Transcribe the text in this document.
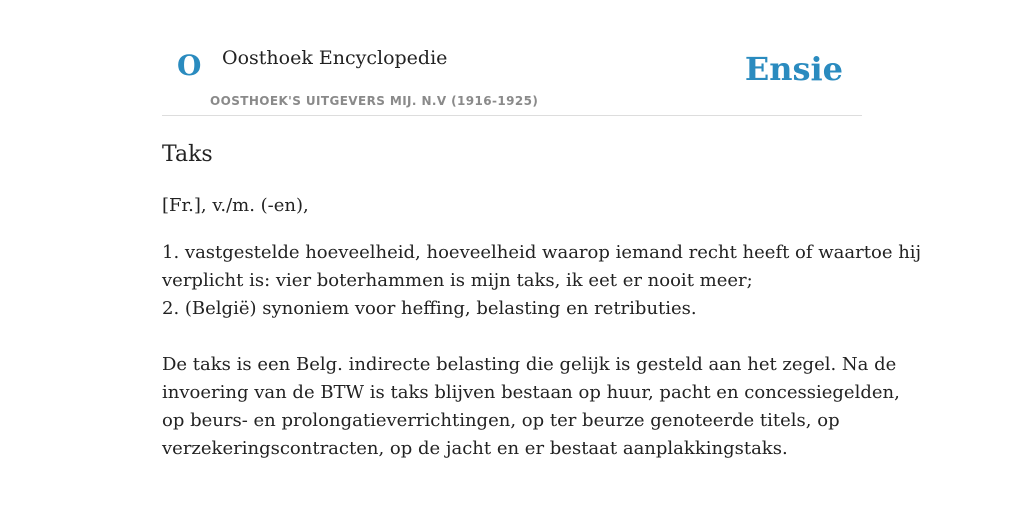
O Oosthoek Encyclopedie
OOSTHOEK'S UITGEVERS MIJ. N.V (1916-1925)
Ensie
Taks
[Fr.], v./m. (-en),
1. vastgestelde hoeveelheid, hoeveelheid waarop iemand recht heeft of waartoe hij
verplicht is: vier boterhammen is mijn taks, ik eet er nooit meer;
2. (België) synoniem voor heffing, belasting en retributies.
De taks is een Belg. indirecte belasting die gelijk is gesteld aan het zegel. Na de
invoering van de BTW is taks blijven bestaan op huur, pacht en concessiegelden,
op beurs- en prolongatieverrichtingen, op ter beurze genoteerde titels, op
verzekeringscontracten, op de jacht en er bestaat aanplakkingstaks.
